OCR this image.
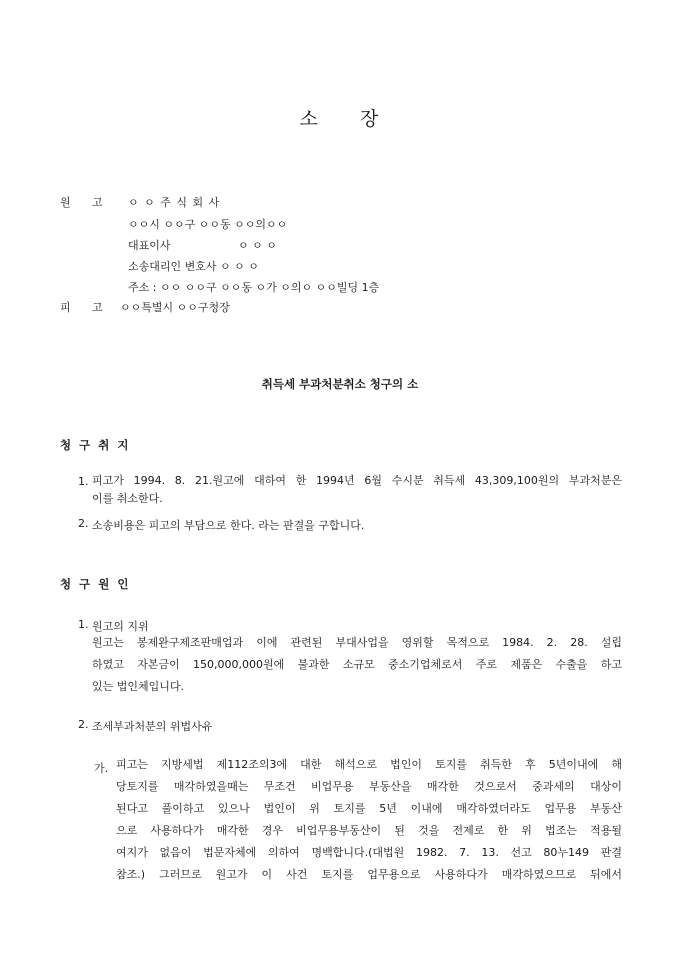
소 장
원 고	ㅇ ㅇ 주 식 회 사
ㅇㅇ시 ㅇㅇ구 ㅇㅇ동 ㅇㅇ의ㅇㅇ
대표이사	ㅇ ㅇ ㅇ
소송대리인 변호사 ㅇ ㅇ ㅇ
주소 : ㅇㅇ ㅇㅇ구 ㅇㅇ동 ㅇ가 ㅇ의ㅇ ㅇㅇ빌딩 1층
피 고	ㅇㅇ특별시 ㅇㅇ구청장
취득세 부과처분취소 청구의 소
청 구 취 지
1. 피고가 1994. 8. 21.원고에 대하여 한 1994년 6월 수시분 취득세 43,309,100원의 부과처분은
이를 취소한다.
2. 소송비용은 피고의 부담으로 한다. 라는 판결을 구합니다.
청 구 원 인
1. 원고의 지위
원고는 봉제완구제조판매업과 이에 관련된 부대사업을 영위할 목적으로 1984. 2. 28. 설립
하였고 자본금이 150,000,000원에 불과한 소규모 중소기업체로서 주로 제품은 수출을 하고
있는 법인체입니다.
2. 조세부과처분의 위법사유
가. 피고는 지방세법 제112조의3에 대한 해석으로 법인이 토지를 취득한 후 5년이내에 해
당토지를 매각하였을때는 무조건 비업무용 부동산을 매각한 것으로서 중과세의 대상이
된다고 풀이하고 있으나 법인이 위 토지를 5년 이내에 매각하였더라도 업무용 부동산
으로 사용하다가 매각한 경우 비업무용부동산이 된 것을 전제로 한 위 법조는 적용될
여지가 없음이 법문자체에 의하여 명백합니다.(대법원 1982. 7. 13. 선고 80누149 판결
참조.) 그러므로 원고가 이 사건 토지를 업무용으로 사용하다가 매각하였으므로 뒤에서
